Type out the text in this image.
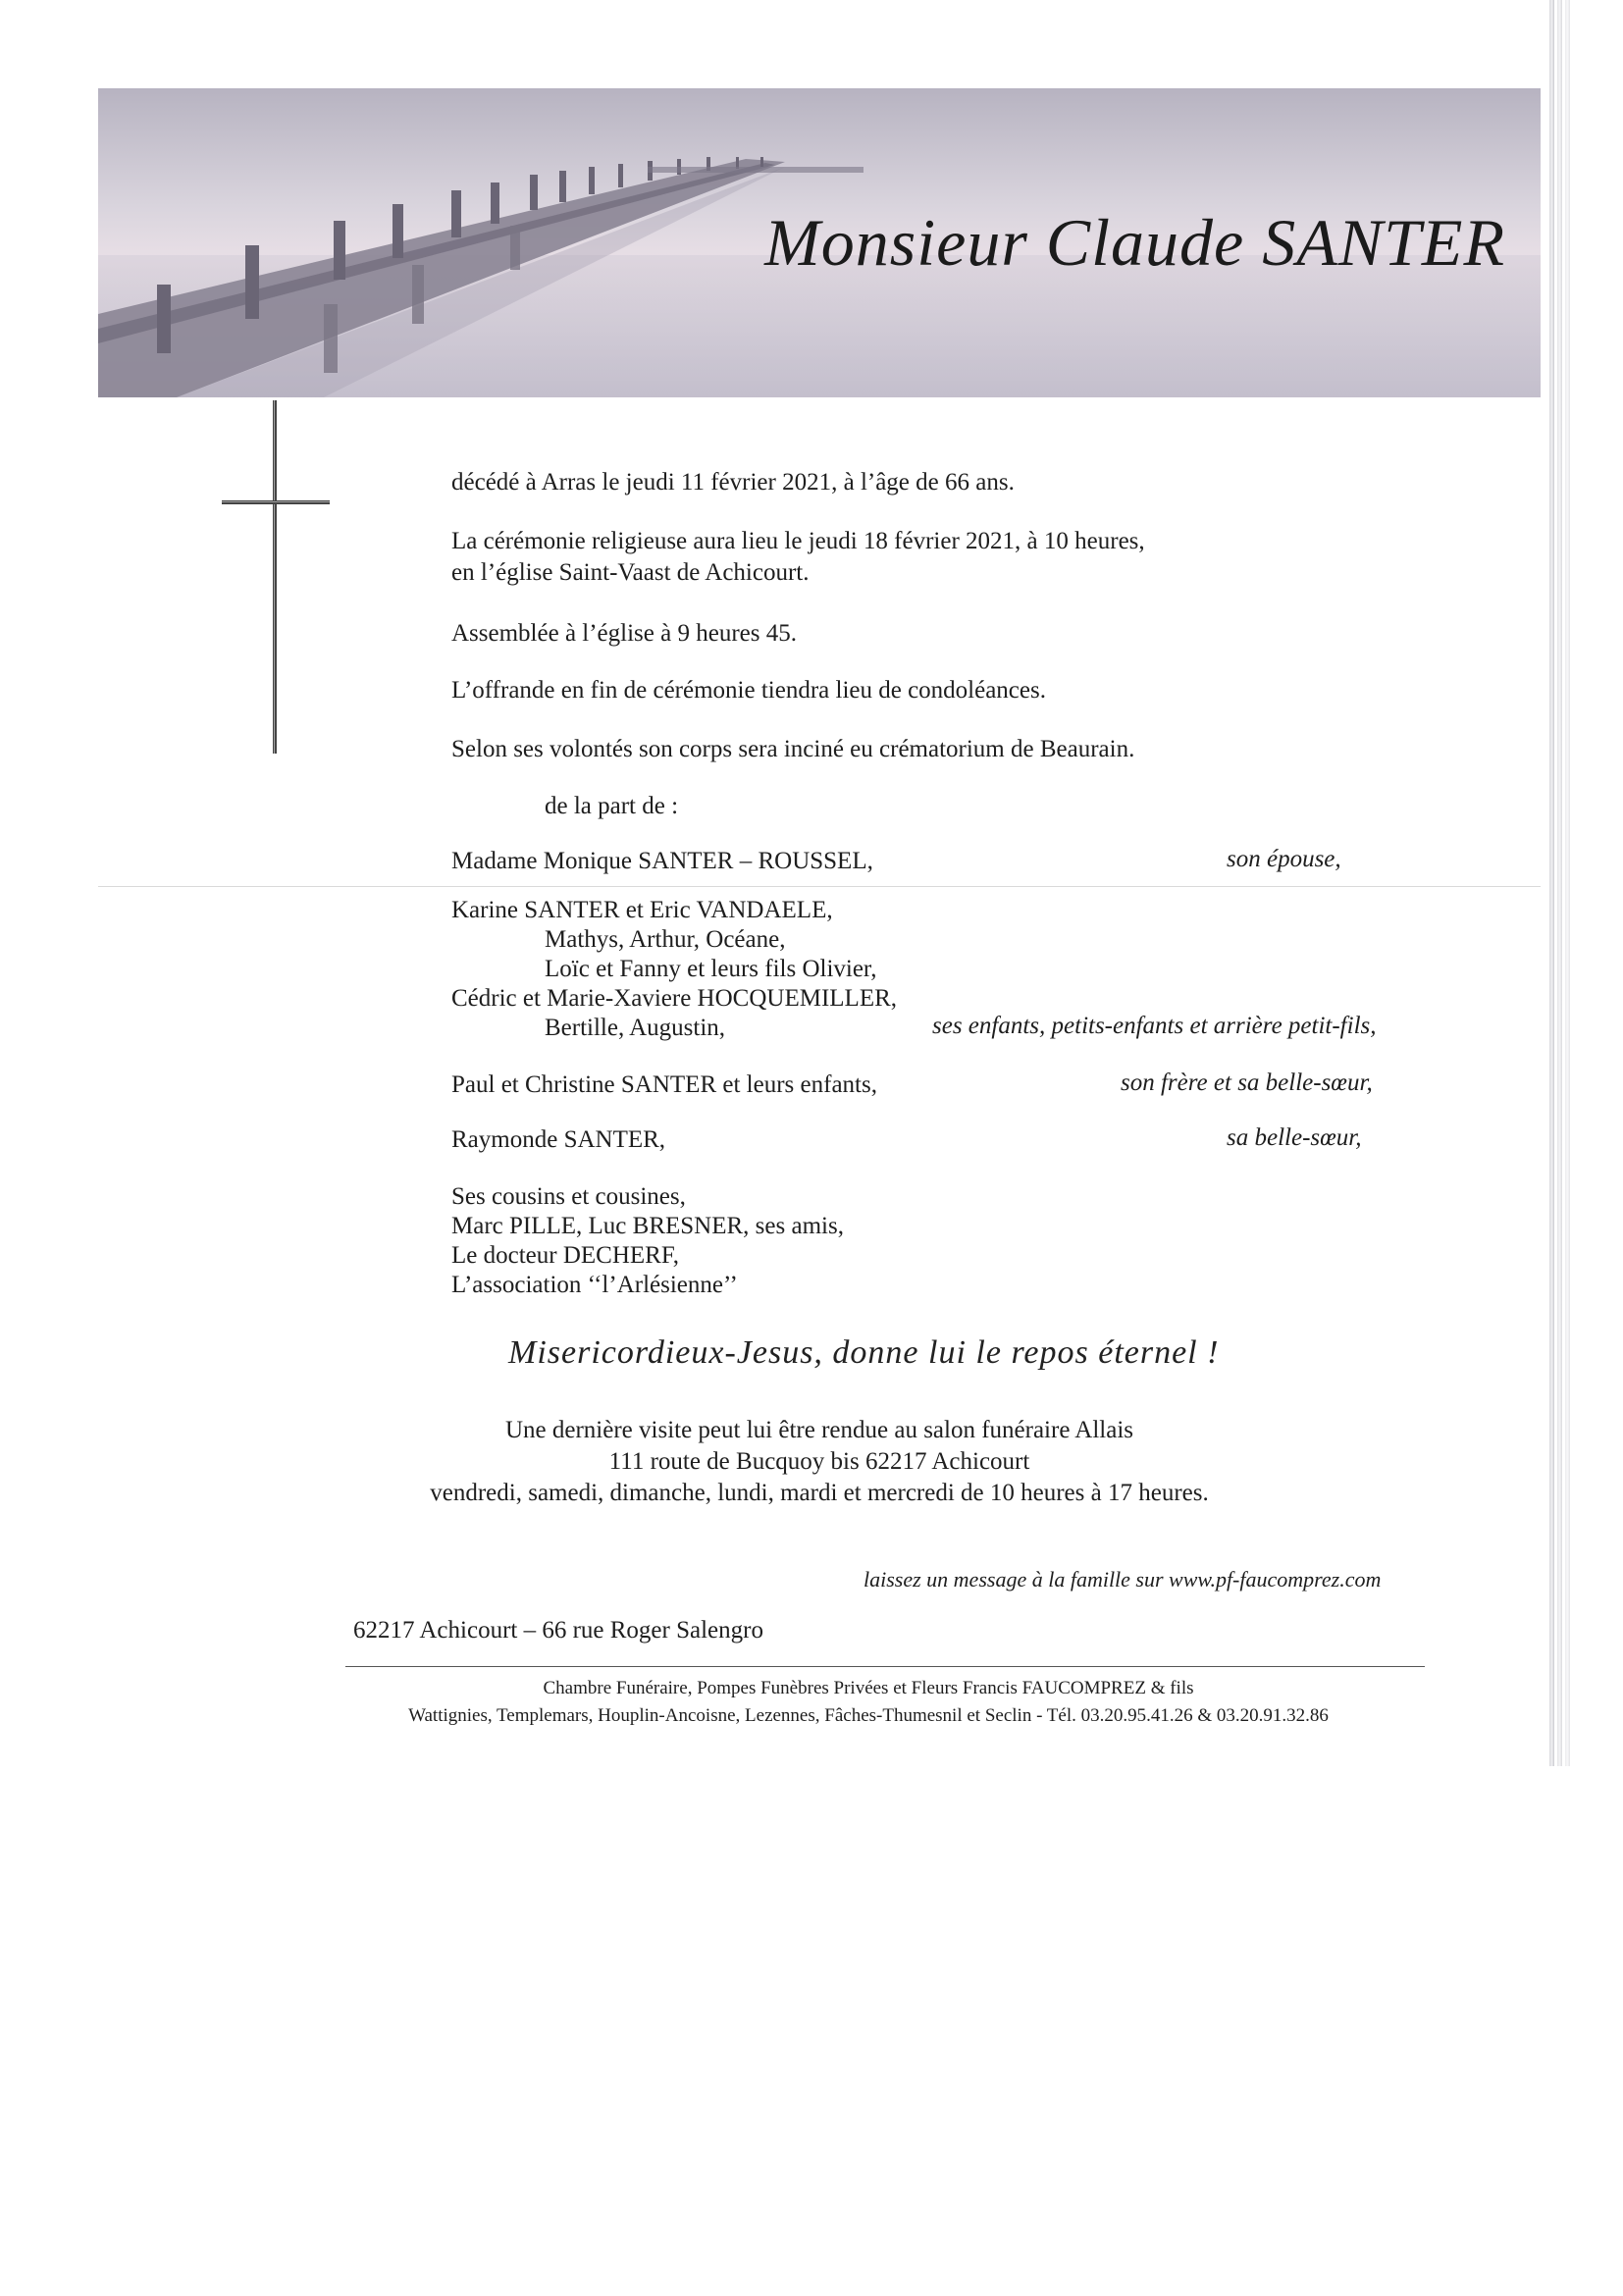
Monsieur Claude SANTER

décédé à Arras le jeudi 11 février 2021, à l’âge de 66 ans.

La cérémonie religieuse aura lieu le jeudi 18 février 2021, à 10 heures,

en l’église Saint-Vaast de Achicourt.

Assemblée à l’église à 9 heures 45.

L’offrande en fin de cérémonie tiendra lieu de condoléances.

Selon ses volontés son corps sera inciné eu crématorium de Beaurain.

de la part de :

Madame Monique SANTER – ROUSSEL,	son épouse,

Karine SANTER et Eric VANDAELE,

Mathys, Arthur, Océane,

Loïc et Fanny et leurs fils Olivier,

Cédric et Marie-Xaviere HOCQUEMILLER,

Bertille, Augustin,	ses enfants, petits-enfants et arrière petit-fils,

Paul et Christine SANTER et leurs enfants,	son frère et sa belle-sœur,

Raymonde SANTER,	sa belle-sœur,

Ses cousins et cousines,

Marc PILLE, Luc BRESNER, ses amis,

Le docteur DECHERF,

L’association ‘‘l’Arlésienne’’

Misericordieux-Jesus, donne lui le repos éternel !

Une dernière visite peut lui être rendue au salon funéraire Allais

111 route de Bucquoy bis 62217 Achicourt

vendredi, samedi, dimanche, lundi, mardi et mercredi de 10 heures à 17 heures.

laissez un message à la famille sur www.pf-faucomprez.com

62217 Achicourt – 66 rue Roger Salengro

Chambre Funéraire, Pompes Funèbres Privées et Fleurs Francis FAUCOMPREZ & fils

Wattignies, Templemars, Houplin-Ancoisne, Lezennes, Fâches-Thumesnil et Seclin - Tél. 03.20.95.41.26 & 03.20.91.32.86
